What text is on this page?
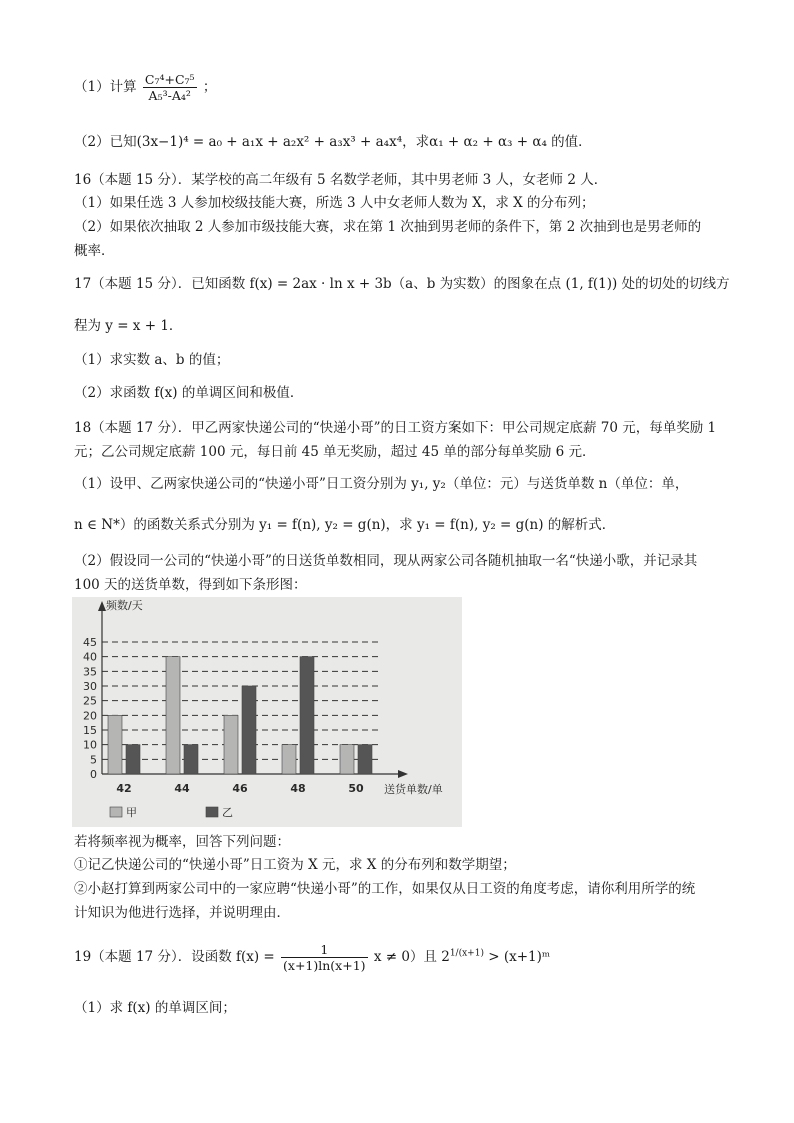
（1）计算 $\frac{\text{C₇⁴+C₇⁵}}{\text{A₅³-A₄²}}$ ；
（2）已知(3x−1)⁴ = a₀ + a₁x + a₂x² + a₃x³ + a₄x⁴，求α₁ + α₂ + α₃ + α₄ 的值．
16（本题 15 分）．某学校的高二年级有 5 名数学老师，其中男老师 3 人，女老师 2 人．
（1）如果任选 3 人参加校级技能大赛，所选 3 人中女老师人数为 X，求 X 的分布列；
（2）如果依次抽取 2 人参加市级技能大赛，求在第 1 次抽到男老师的条件下，第 2 次抽到也是男老师的
概率．
17（本题 15 分）．已知函数 f(x) = 2ax · ln x + 3b（a、b 为实数）的图象在点 (1, f(1)) 处的切处的切线方
程为 y = x + 1．
（1）求实数 a、b 的值；
（2）求函数 f(x) 的单调区间和极值．
18（本题 17 分）．甲乙两家快递公司的“快递小哥”的日工资方案如下：甲公司规定底薪 70 元，每单奖励 1
元；乙公司规定底薪 100 元，每日前 45 单无奖励，超过 45 单的部分每单奖励 6 元．
（1）设甲、乙两家快递公司的“快递小哥”日工资分别为 y₁, y₂（单位：元）与送货单数 n（单位：单，
n ∈ N*）的函数关系式分别为 y₁ = f(n), y₂ = g(n)，求 y₁ = f(n), y₂ = g(n) 的解析式．
（2）假设同一公司的“快递小哥”的日送货单数相同，现从两家公司各随机抽取一名“快递小歌，并记录其
100 天的送货单数，得到如下条形图：
0
5
10
15
20
25
30
35
40
45
频数/天
送货单数/单
42	44	46	48	50
甲	乙
若将频率视为概率，回答下列问题：
①记乙快递公司的“快递小哥”日工资为 X 元，求 X 的分布列和数学期望；
②小赵打算到两家公司中的一家应聘“快递小哥”的工作，如果仅从日工资的角度考虑，请你利用所学的统
计知识为他进行选择，并说明理由．
19（本题 17 分）．设函数 $f(x) = \frac{1}{(x+1)\ln(x+1)}$ x ≠ 0）且 $2^{1/(x+1)}$ > (x+1)ᵐ
（1）求 f(x) 的单调区间；
